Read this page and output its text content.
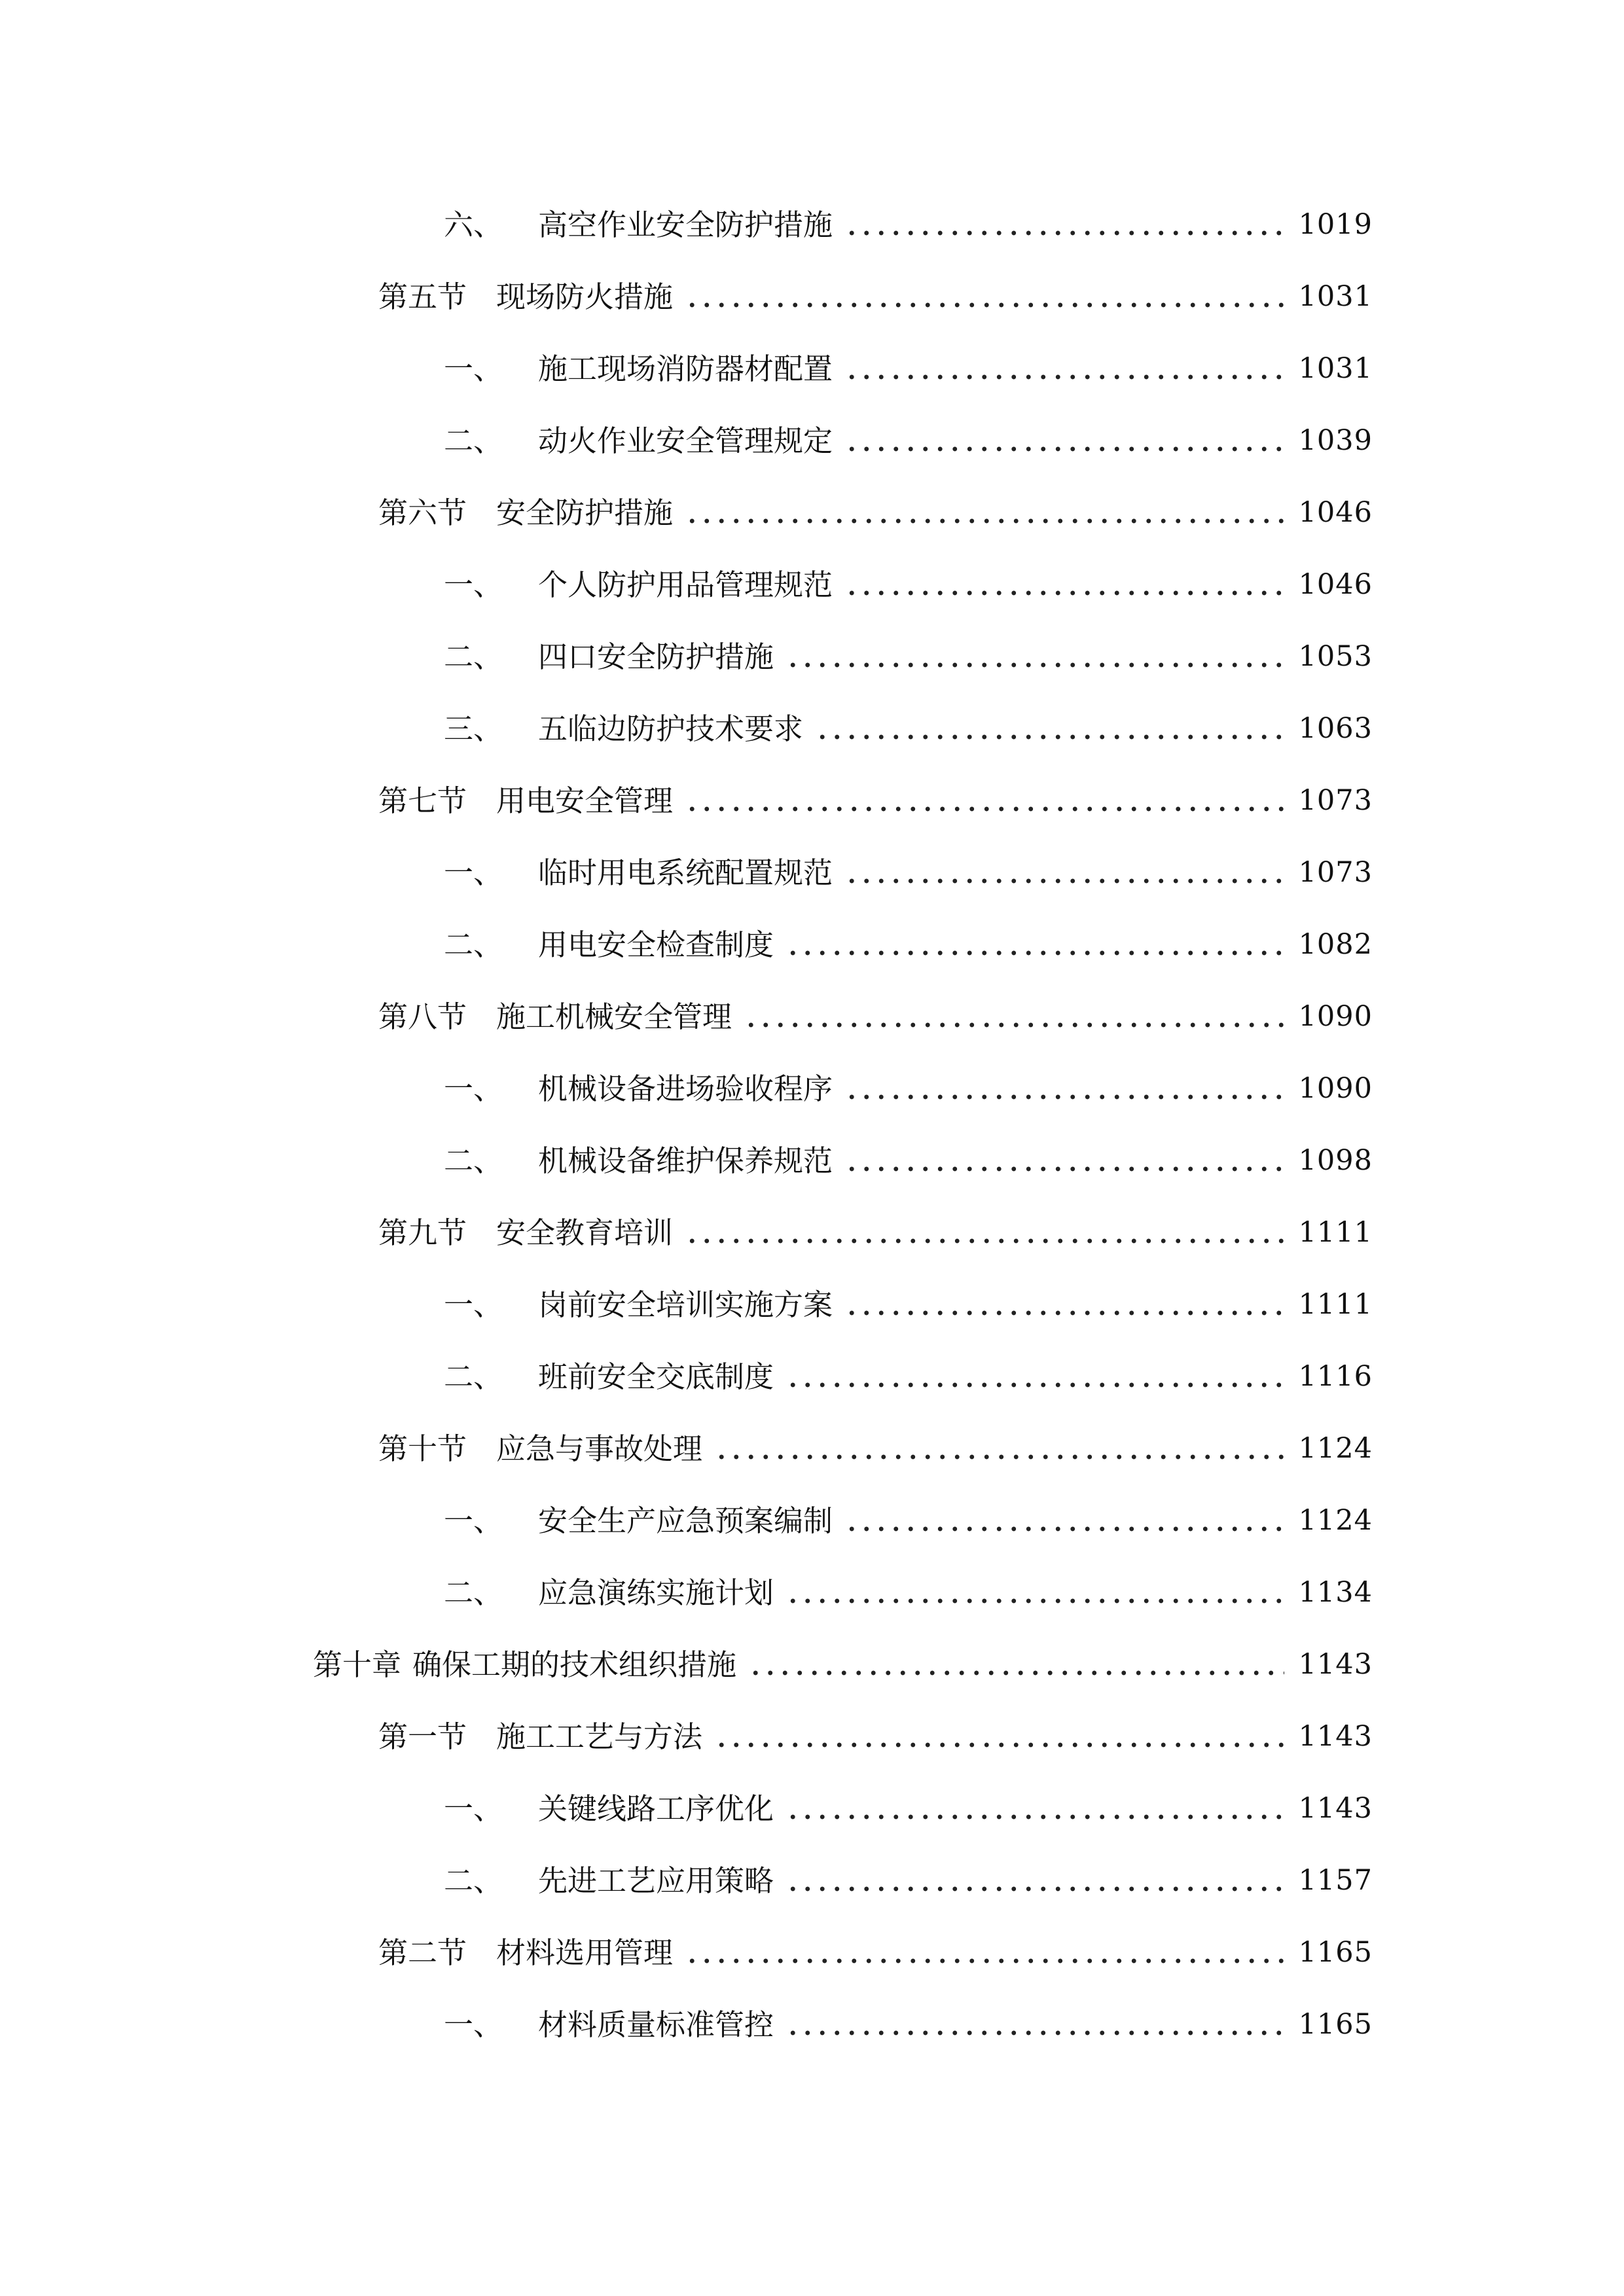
六、 高空作业安全防护措施	1019
第五节 现场防火措施	1031
一、 施工现场消防器材配置	1031
二、 动火作业安全管理规定	1039
第六节 安全防护措施	1046
一、 个人防护用品管理规范	1046
二、 四口安全防护措施	1053
三、 五临边防护技术要求	1063
第七节 用电安全管理	1073
一、 临时用电系统配置规范	1073
二、 用电安全检查制度	1082
第八节 施工机械安全管理	1090
一、 机械设备进场验收程序	1090
二、 机械设备维护保养规范	1098
第九节 安全教育培训	1111
一、 岗前安全培训实施方案	1111
二、 班前安全交底制度	1116
第十节 应急与事故处理	1124
一、 安全生产应急预案编制	1124
二、 应急演练实施计划	1134
第十章 确保工期的技术组织措施	1143
第一节 施工工艺与方法	1143
一、 关键线路工序优化	1143
二、 先进工艺应用策略	1157
第二节 材料选用管理	1165
一、 材料质量标准管控	1165
